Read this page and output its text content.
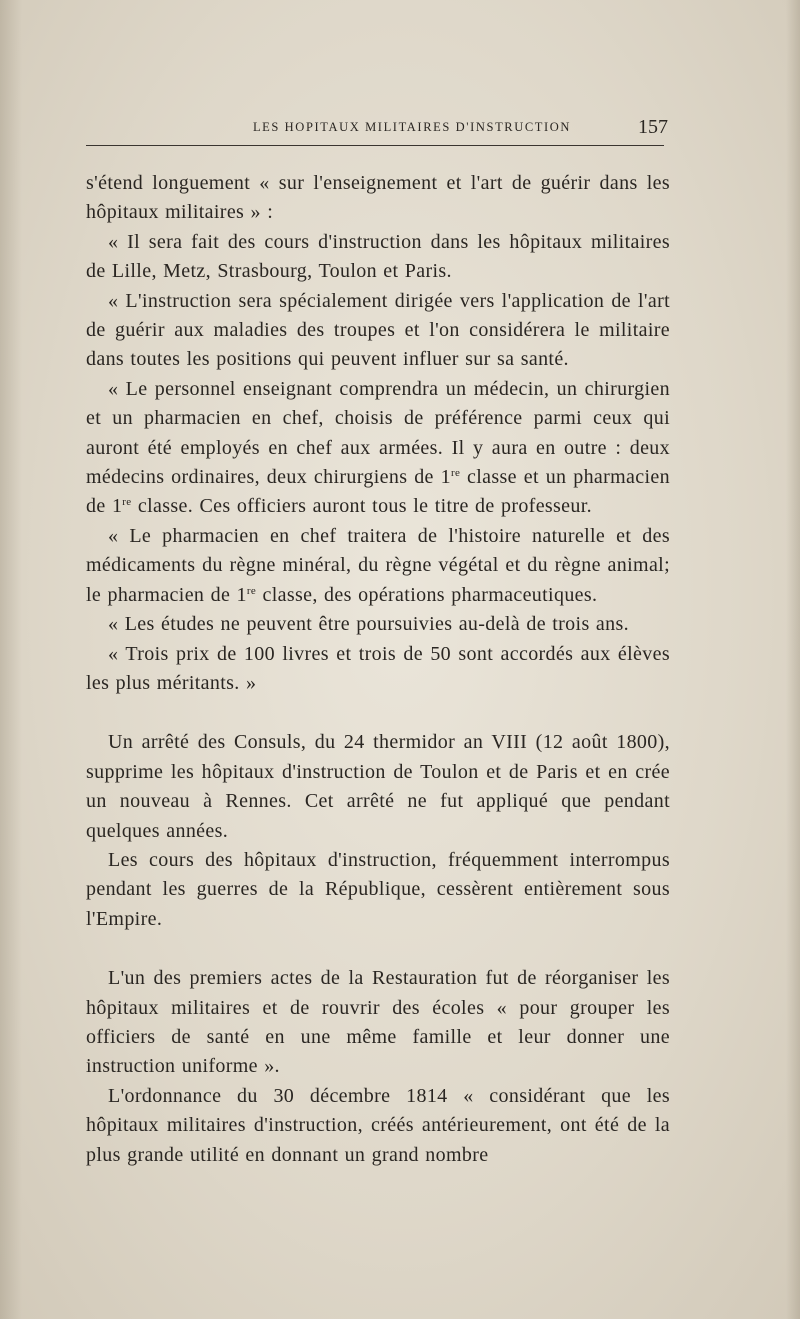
LES HOPITAUX MILITAIRES D'INSTRUCTION	157

s'étend longuement « sur l'enseignement et l'art de guérir dans les hôpitaux militaires » :

« Il sera fait des cours d'instruction dans les hôpitaux militaires de Lille, Metz, Strasbourg, Toulon et Paris.

« L'instruction sera spécialement dirigée vers l'application de l'art de guérir aux maladies des troupes et l'on considérera le militaire dans toutes les positions qui peuvent influer sur sa santé.

« Le personnel enseignant comprendra un médecin, un chirurgien et un pharmacien en chef, choisis de préférence parmi ceux qui auront été employés en chef aux armées. Il y aura en outre : deux médecins ordinaires, deux chirurgiens de 1re classe et un pharmacien de 1re classe. Ces officiers auront tous le titre de professeur.

« Le pharmacien en chef traitera de l'histoire naturelle et des médicaments du règne minéral, du règne végétal et du règne animal; le pharmacien de 1re classe, des opérations pharmaceutiques.

« Les études ne peuvent être poursuivies au-delà de trois ans.

« Trois prix de 100 livres et trois de 50 sont accordés aux élèves les plus méritants. »

Un arrêté des Consuls, du 24 thermidor an VIII (12 août 1800), supprime les hôpitaux d'instruction de Toulon et de Paris et en crée un nouveau à Rennes. Cet arrêté ne fut appliqué que pendant quelques années.

Les cours des hôpitaux d'instruction, fréquemment interrompus pendant les guerres de la République, cessèrent entièrement sous l'Empire.

L'un des premiers actes de la Restauration fut de réorganiser les hôpitaux militaires et de rouvrir des écoles « pour grouper les officiers de santé en une même famille et leur donner une instruction uniforme ».

L'ordonnance du 30 décembre 1814 « considérant que les hôpitaux militaires d'instruction, créés antérieurement, ont été de la plus grande utilité en donnant un grand nombre
